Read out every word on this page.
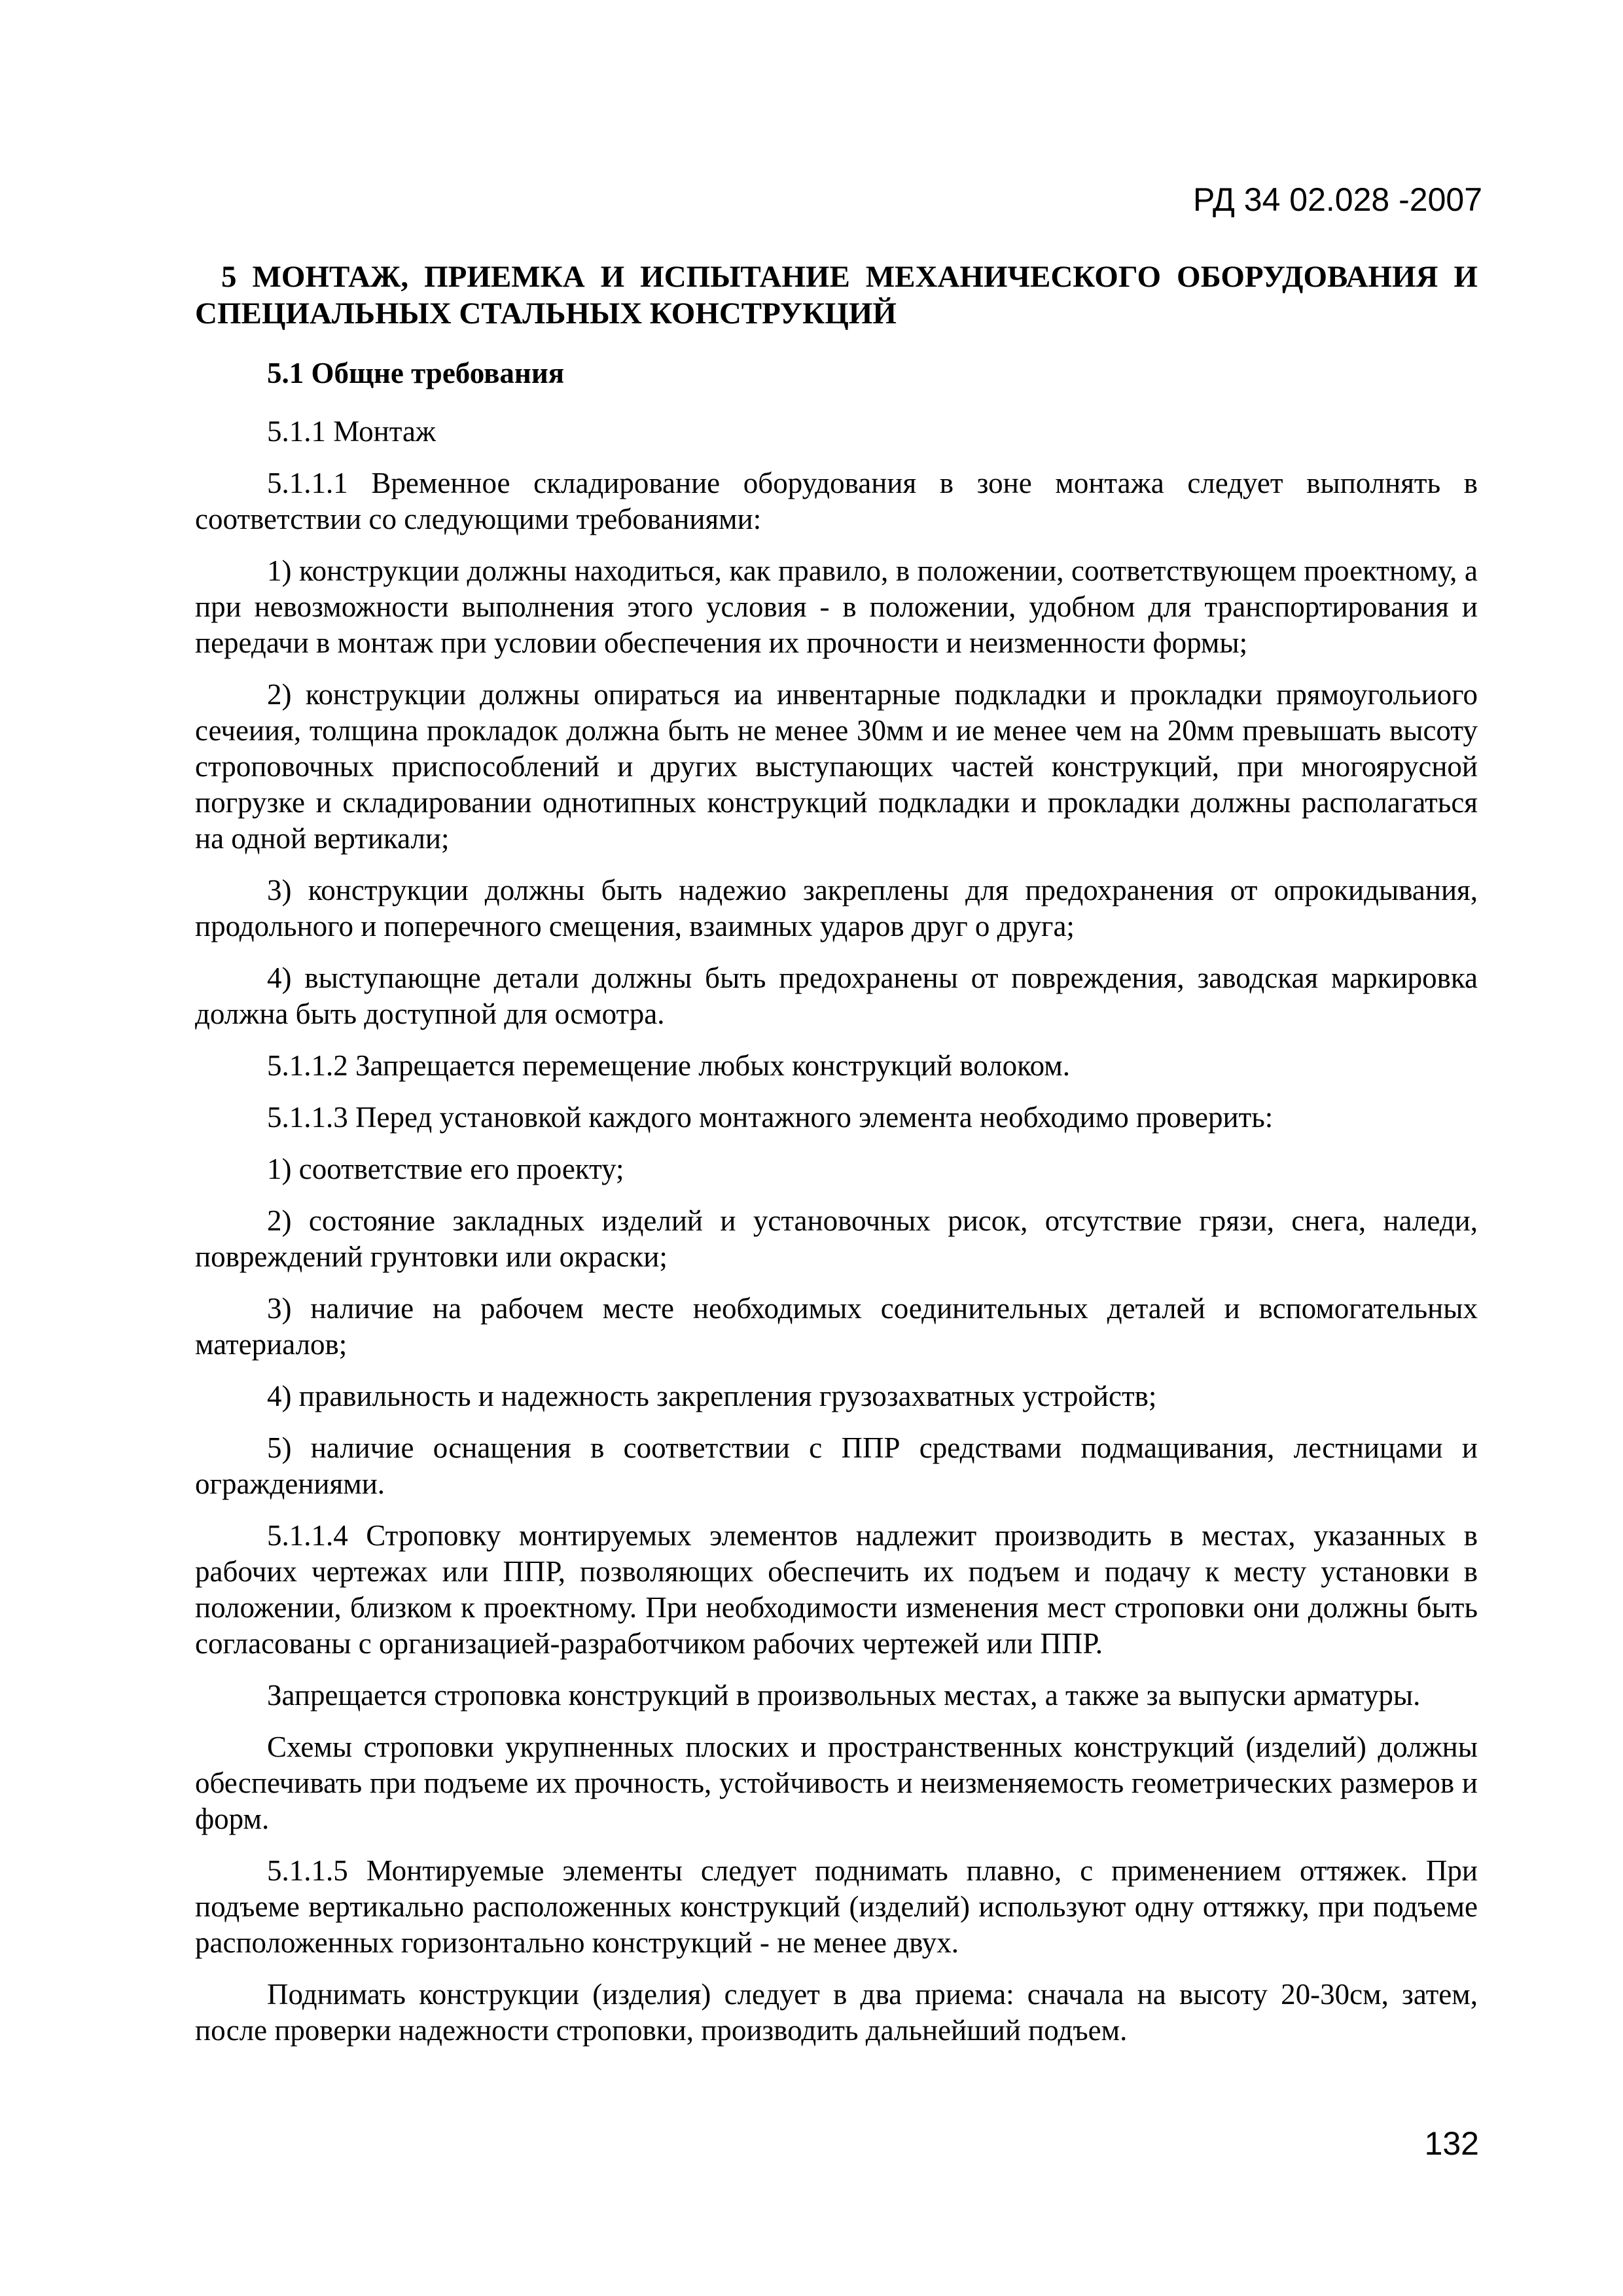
РД 34 02.028 -2007
5 МОНТАЖ, ПРИЕМКА И ИСПЫТАНИЕ МЕХАНИЧЕСКОГО ОБОРУДОВАНИЯ И СПЕЦИАЛЬНЫХ СТАЛЬНЫХ КОНСТРУКЦИЙ
5.1 Общне требования

5.1.1 Монтаж

5.1.1.1 Временное складирование оборудования в зоне монтажа следует выполнять в соответствии со следующими требованиями:

1) конструкции должны находиться, как правило, в положении, соответствующем проектному, а при невозможности выполнения этого условия - в положении, удобном для транспортирования и передачи в монтаж при условии обеспечения их прочности и неизменности формы;

2) конструкции должны опираться иа инвентарные подкладки и прокладки прямоугольиого сечеиия, толщина прокладок должна быть не менее 30мм и ие менее чем на 20мм превышать высоту строповочных приспособлений и других выступающих частей конструкций, при многоярусной погрузке и складировании однотипных конструкций подкладки и прокладки должны располагаться на одной вертикали;

3) конструкции должны быть надежио закреплены для предохранения от опрокидывания, продольного и поперечного смещения, взаимных ударов друг о друга;

4) выступающне детали должны быть предохранены от повреждения, заводская маркировка должна быть доступной для осмотра.

5.1.1.2 Запрещается перемещение любых конструкций волоком.

5.1.1.3 Перед установкой каждого монтажного элемента необходимо проверить:

1) соответствие его проекту;

2) состояние закладных изделий и установочных рисок, отсутствие грязи, снега, наледи, повреждений грунтовки или окраски;

3) наличие на рабочем месте необходимых соединительных деталей и вспомогательных материалов;

4) правильность и надежность закрепления грузозахватных устройств;

5) наличие оснащения в соответствии с ППР средствами подмащивания, лестницами и ограждениями.

5.1.1.4 Строповку монтируемых элементов надлежит производить в местах, указанных в рабочих чертежах или ППР, позволяющих обеспечить их подъем и подачу к месту установки в положении, близком к проектному. При необходимости изменения мест строповки они должны быть согласованы с организацией-разработчиком рабочих чертежей или ППР.

Запрещается строповка конструкций в произвольных местах, а также за выпуски арматуры.

Схемы строповки укрупненных плоских и пространственных конструкций (изделий) должны обеспечивать при подъеме их прочность, устойчивость и неизменяемость геометрических размеров и форм.

5.1.1.5 Монтируемые элементы следует поднимать плавно, с применением оттяжек. При подъеме вертикально расположенных конструкций (изделий) используют одну оттяжку, при подъеме расположенных горизонтально конструкций - не менее двух.

Поднимать конструкции (изделия) следует в два приема: сначала на высоту 20-30см, затем, после проверки надежности строповки, производить дальнейший подъем.

132
